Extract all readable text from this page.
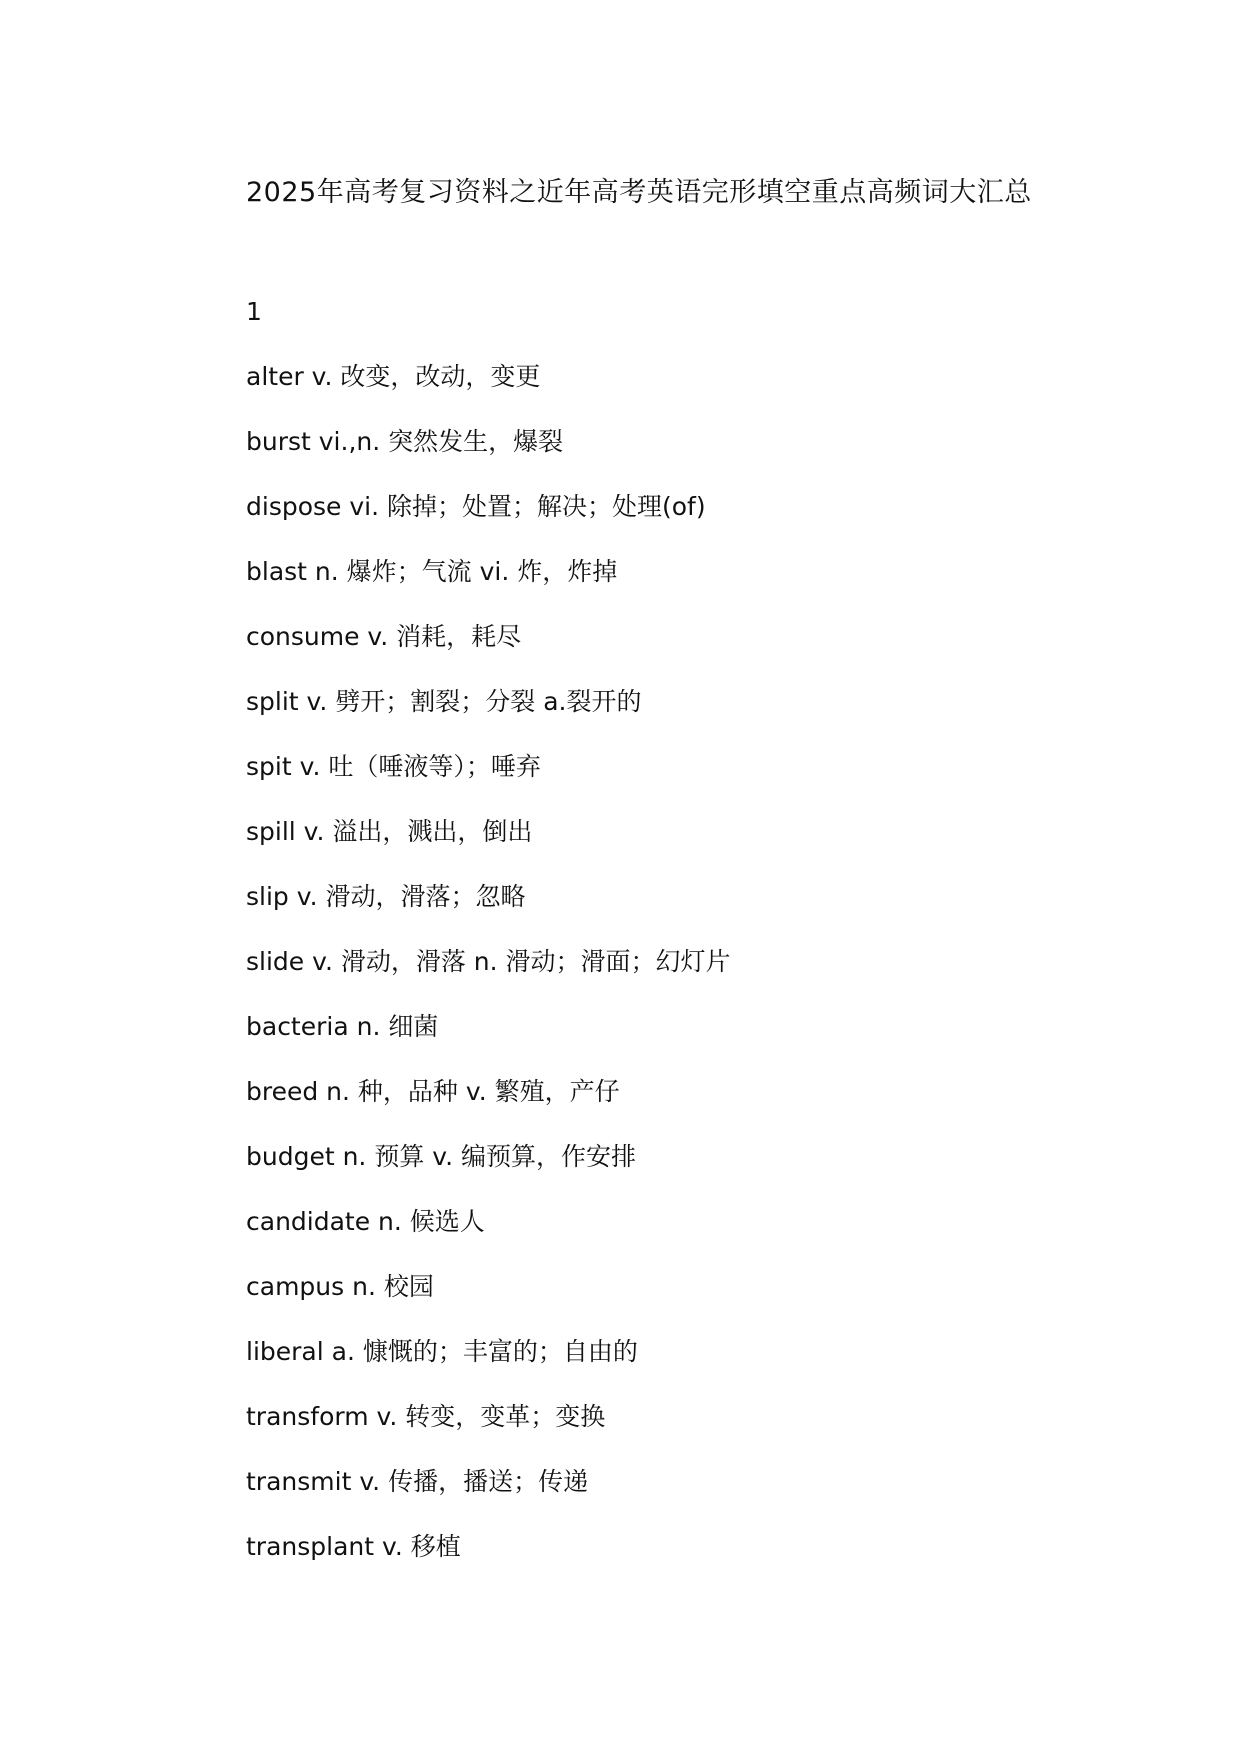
2025年高考复习资料之近年高考英语完形填空重点高频词大汇总
1
alter v. 改变，改动，变更
burst vi.,n. 突然发生，爆裂
dispose vi. 除掉；处置；解决；处理(of)
blast n. 爆炸；气流 vi. 炸，炸掉
consume v. 消耗，耗尽
split v. 劈开；割裂；分裂 a.裂开的
spit v. 吐（唾液等）；唾弃
spill v. 溢出，溅出，倒出
slip v. 滑动，滑落；忽略
slide v. 滑动，滑落 n. 滑动；滑面；幻灯片
bacteria n. 细菌
breed n. 种，品种 v. 繁殖，产仔
budget n. 预算 v. 编预算，作安排
candidate n. 候选人
campus n. 校园
liberal a. 慷慨的；丰富的；自由的
transform v. 转变，变革；变换
transmit v. 传播，播送；传递
transplant v. 移植
